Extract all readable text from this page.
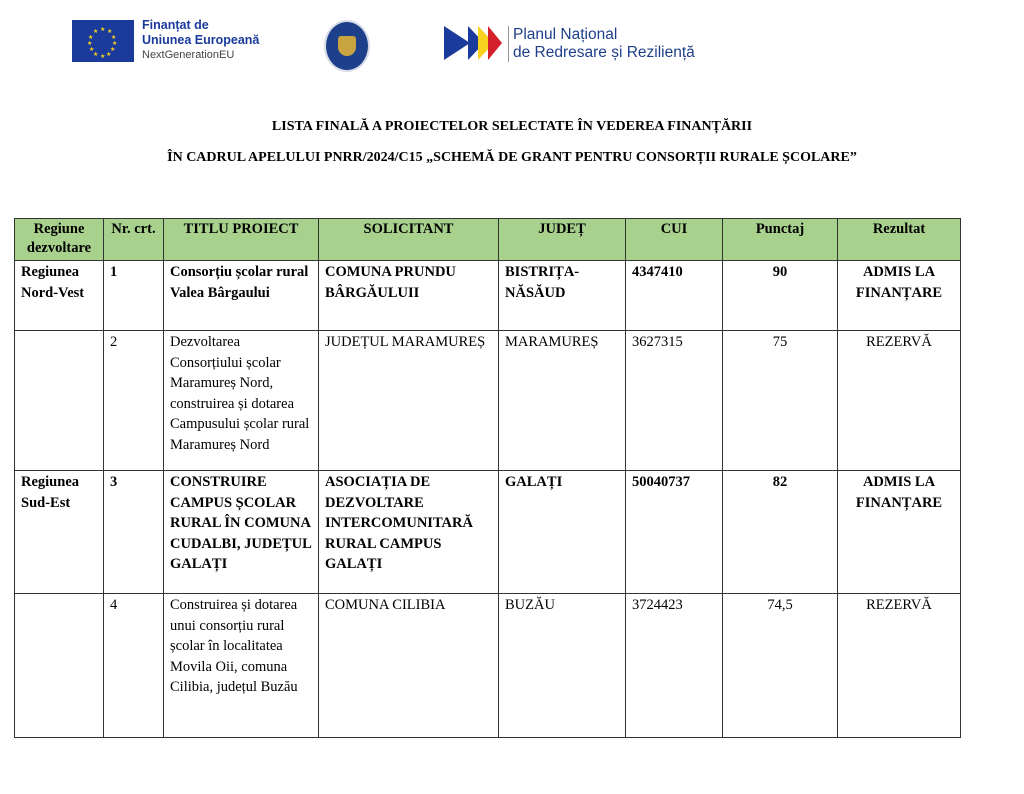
★ ★
★
★
★
★
★
★
★
★
★
★	Finanțat de
Uniunea Europeană
NextGenerationEU
Planul Național
de Redresare și Reziliență
LISTA FINALĂ A PROIECTELOR SELECTATE ÎN VEDEREA FINANȚĂRII
ÎN CADRUL APELULUI PNRR/2024/C15 „SCHEMĂ DE GRANT PENTRU CONSORȚII RURALE ȘCOLARE”
Regiune dezvoltare	Nr. crt.	TITLU PROIECT	SOLICITANT	JUDEȚ	CUI	Punctaj	Rezultat
Regiunea Nord-Vest	1	Consorțiu școlar rural Valea Bârgaului	COMUNA PRUNDU BÂRGĂULUII	BISTRIȚA-NĂSĂUD	4347410	90	ADMIS LA FINANȚARE
	2	Dezvoltarea Consorțiului școlar Maramureș Nord, construirea și dotarea Campusului școlar rural Maramureș Nord	JUDEȚUL MARAMUREȘ	MARAMUREȘ	3627315	75	REZERVĂ
Regiunea Sud-Est	3	CONSTRUIRE CAMPUS ȘCOLAR RURAL ÎN COMUNA CUDALBI, JUDEȚUL GALAȚI	ASOCIAȚIA DE DEZVOLTARE INTERCOMUNITARĂ RURAL CAMPUS GALAȚI	GALAȚI	50040737	82	ADMIS LA FINANȚARE
	4	Construirea și dotarea unui consorțiu rural școlar în localitatea Movila Oii, comuna Cilibia, județul Buzău	COMUNA CILIBIA	BUZĂU	3724423	74,5	REZERVĂ
